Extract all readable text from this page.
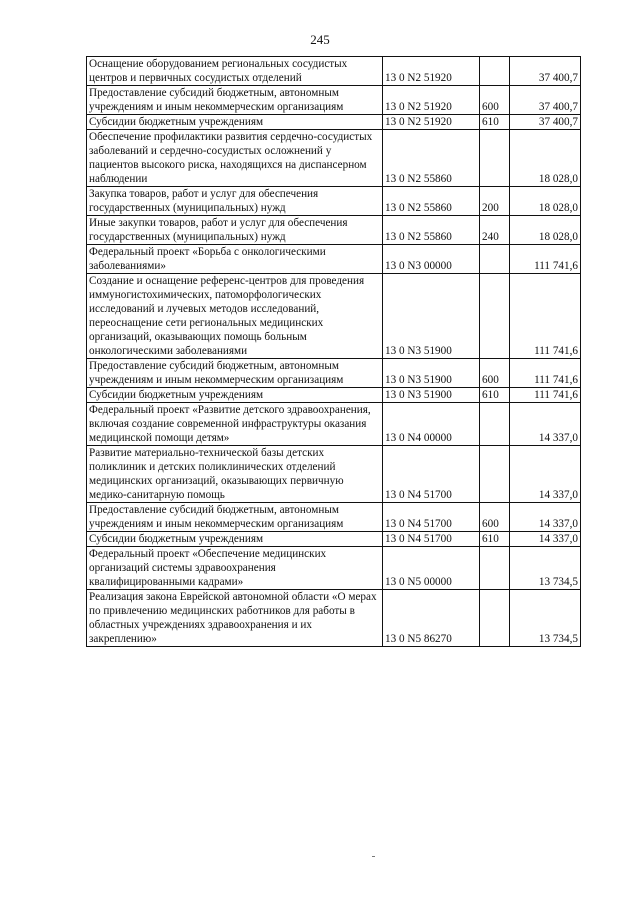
245
Оснащение оборудованием региональных сосудистых центров и первичных сосудистых отделений	13 0 N2 51920		37 400,7
Предоставление субсидий бюджетным, автономным учреждениям и иным некоммерческим организациям	13 0 N2 51920	600	37 400,7
Субсидии бюджетным учреждениям	13 0 N2 51920	610	37 400,7
Обеспечение профилактики развития сердечно-сосудистых заболеваний и сердечно-сосудистых осложнений у пациентов высокого риска, находящихся на диспансерном наблюдении	13 0 N2 55860		18 028,0
Закупка товаров, работ и услуг для обеспечения государственных (муниципальных) нужд	13 0 N2 55860	200	18 028,0
Иные закупки товаров, работ и услуг для обеспечения государственных (муниципальных) нужд	13 0 N2 55860	240	18 028,0
Федеральный проект «Борьба с онкологическими заболеваниями»	13 0 N3 00000		111 741,6
Создание и оснащение референс-центров для проведения иммуногистохимических, патоморфологических исследований и лучевых методов исследований, переоснащение сети региональных медицинских организаций, оказывающих помощь больным онкологическими заболеваниями	13 0 N3 51900		111 741,6
Предоставление субсидий бюджетным, автономным учреждениям и иным некоммерческим организациям	13 0 N3 51900	600	111 741,6
Субсидии бюджетным учреждениям	13 0 N3 51900	610	111 741,6
Федеральный проект «Развитие детского здравоохранения, включая создание современной инфраструктуры оказания медицинской помощи детям»	13 0 N4 00000		14 337,0
Развитие материально-технической базы детских поликлиник и детских поликлинических отделений медицинских организаций, оказывающих первичную медико-санитарную помощь	13 0 N4 51700		14 337,0
Предоставление субсидий бюджетным, автономным учреждениям и иным некоммерческим организациям	13 0 N4 51700	600	14 337,0
Субсидии бюджетным учреждениям	13 0 N4 51700	610	14 337,0
Федеральный проект «Обеспечение медицинских организаций системы здравоохранения квалифицированными кадрами»	13 0 N5 00000		13 734,5
Реализация закона Еврейской автономной области «О мерах по привлечению медицинских работников для работы в областных учреждениях здравоохранения и их закреплению»	13 0 N5 86270		13 734,5
